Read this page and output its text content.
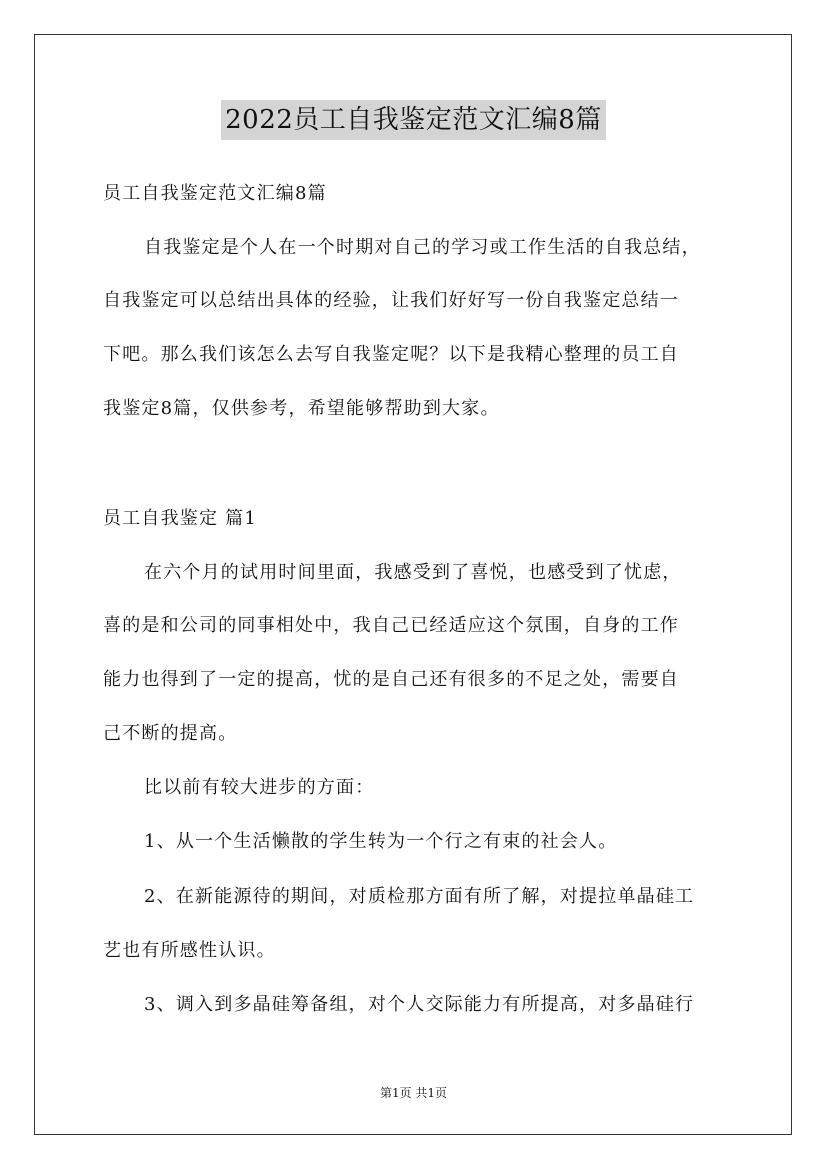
2022员工自我鉴定范文汇编8篇
员工自我鉴定范文汇编8篇
自我鉴定是个人在一个时期对自己的学习或工作生活的自我总结，
自我鉴定可以总结出具体的经验，让我们好好写一份自我鉴定总结一
下吧。那么我们该怎么去写自我鉴定呢？以下是我精心整理的员工自
我鉴定8篇，仅供参考，希望能够帮助到大家。
员工自我鉴定 篇1
在六个月的试用时间里面，我感受到了喜悦，也感受到了忧虑，
喜的是和公司的同事相处中，我自己已经适应这个氛围，自身的工作
能力也得到了一定的提高，忧的是自己还有很多的不足之处，需要自
己不断的提高。
比以前有较大进步的方面：
1、从一个生活懒散的学生转为一个行之有束的社会人。
2、在新能源待的期间，对质检那方面有所了解，对提拉单晶硅工
艺也有所感性认识。
3、调入到多晶硅筹备组，对个人交际能力有所提高，对多晶硅行
第1页 共1页
